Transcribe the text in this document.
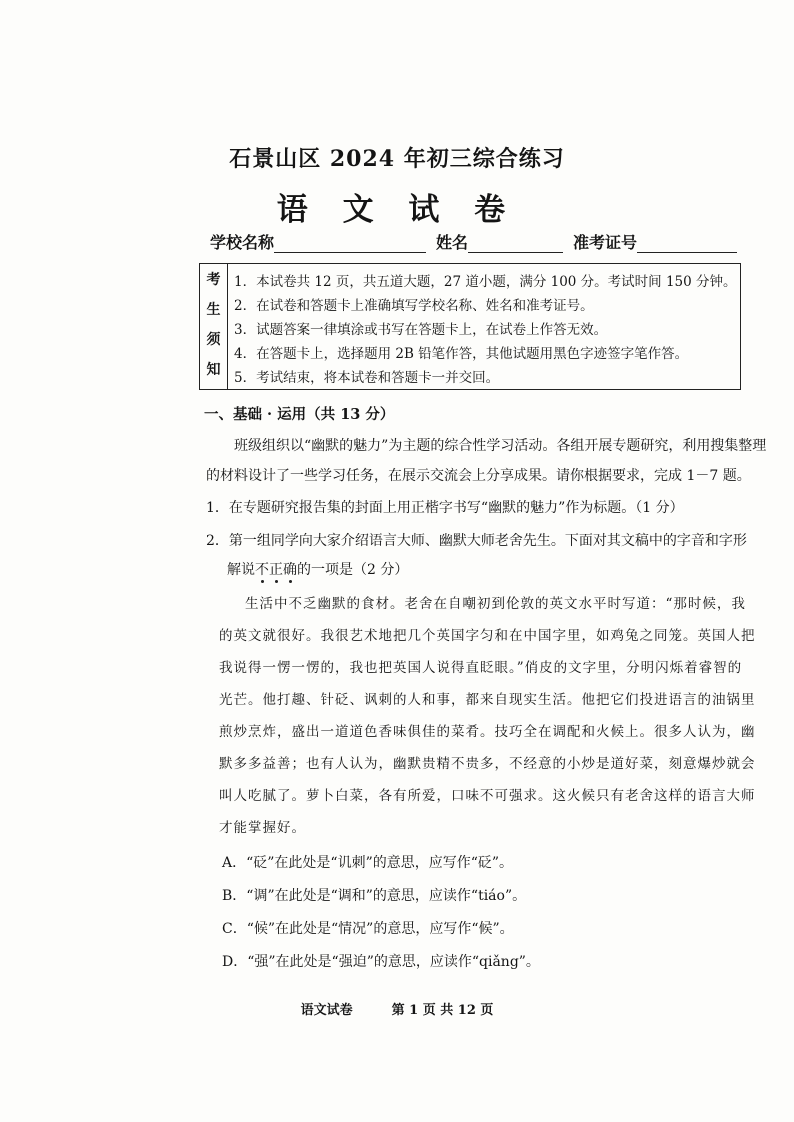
石景山区 2024 年初三综合练习
语 文 试 卷
学校名称	姓名	准考证号
考
生
须
知
1．本试卷共 12 页，共五道大题，27 道小题，满分 100 分。考试时间 150 分钟。
2．在试卷和答题卡上准确填写学校名称、姓名和准考证号。
3．试题答案一律填涂或书写在答题卡上，在试卷上作答无效。
4．在答题卡上，选择题用 2B 铅笔作答，其他试题用黑色字迹签字笔作答。
5．考试结束，将本试卷和答题卡一并交回。
一、基础 · 运用（共 13 分）
班级组织以“幽默的魅力”为主题的综合性学习活动。各组开展专题研究，利用搜集整理
的材料设计了一些学习任务，在展示交流会上分享成果。请你根据要求，完成 1－7 题。
1．在专题研究报告集的封面上用正楷字书写“幽默的魅力”作为标题。（1 分）
2．第一组同学向大家介绍语言大师、幽默大师老舍先生。下面对其文稿中的字音和字形
解说不正确的一项是（2 分）
生活中不乏幽默的食材。老舍在自嘲初到伦敦的英文水平时写道：“那时候，我
的英文就很好。我很艺术地把几个英国字匀和在中国字里，如鸡兔之同笼。英国人把
我说得一愣一愣的，我也把英国人说得直眨眼。”俏皮的文字里，分明闪烁着睿智的
光芒。他打趣、针砭、讽刺的人和事，都来自现实生活。他把它们投进语言的油锅里
煎炒烹炸，盛出一道道色香味俱佳的菜肴。技巧全在调配和火候上。很多人认为，幽
默多多益善；也有人认为，幽默贵精不贵多，不经意的小炒是道好菜，刻意爆炒就会
叫人吃腻了。萝卜白菜，各有所爱，口味不可强求。这火候只有老舍这样的语言大师
才能掌握好。
A．“砭”在此处是“讥刺”的意思，应写作“砭”。
B．“调”在此处是“调和”的意思，应读作“tiáo”。
C．“候”在此处是“情况”的意思，应写作“候”。
D．“强”在此处是“强迫”的意思，应读作“qiǎng”。
语文试卷	第 1 页 共 12 页
